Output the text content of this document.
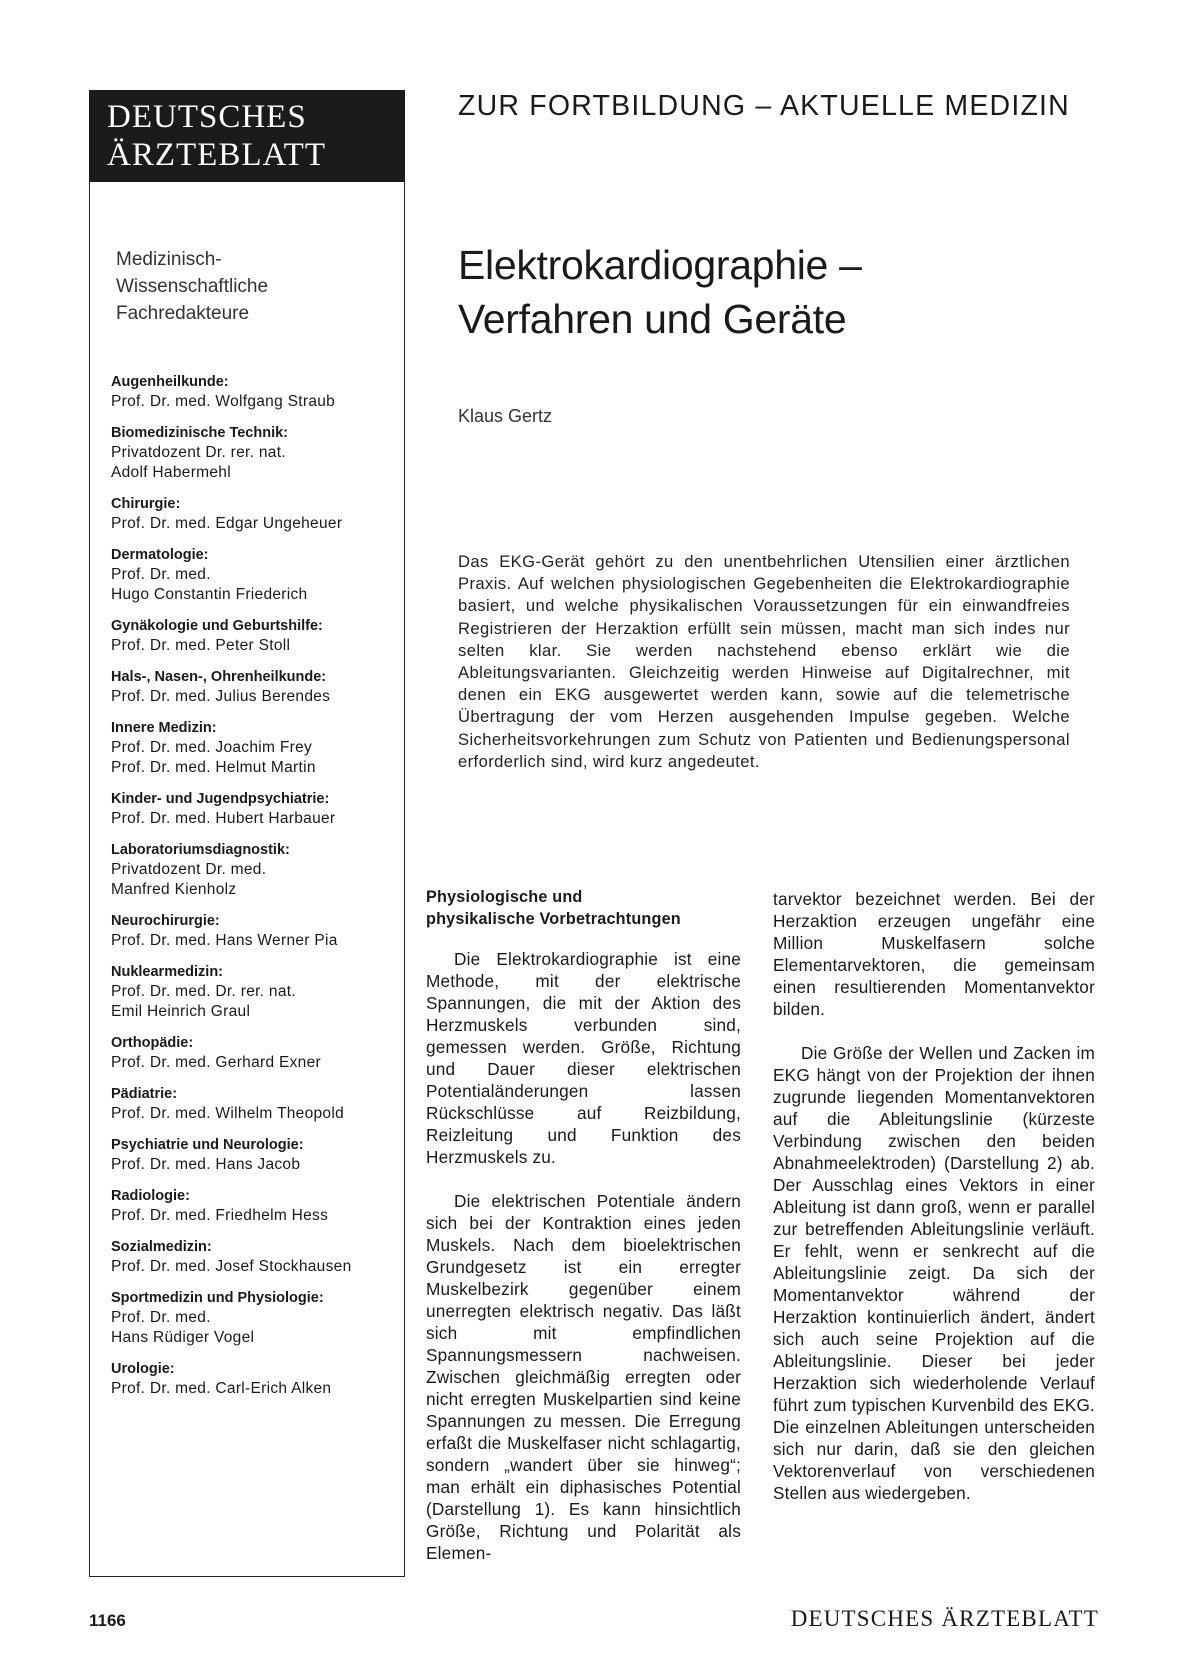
DEUTSCHES
ÄRZTEBLATT
Medizinisch-
Wissenschaftliche
Fachredakteure
Augenheilkunde:
Prof. Dr. med. Wolfgang Straub
Biomedizinische Technik:
Privatdozent Dr. rer. nat.
Adolf Habermehl
Chirurgie:
Prof. Dr. med. Edgar Ungeheuer
Dermatologie:
Prof. Dr. med.
Hugo Constantin Friederich
Gynäkologie und Geburtshilfe:
Prof. Dr. med. Peter Stoll
Hals-, Nasen-, Ohrenheilkunde:
Prof. Dr. med. Julius Berendes
Innere Medizin:
Prof. Dr. med. Joachim Frey
Prof. Dr. med. Helmut Martin
Kinder- und Jugendpsychiatrie:
Prof. Dr. med. Hubert Harbauer
Laboratoriumsdiagnostik:
Privatdozent Dr. med.
Manfred Kienholz
Neurochirurgie:
Prof. Dr. med. Hans Werner Pia
Nuklearmedizin:
Prof. Dr. med. Dr. rer. nat.
Emil Heinrich Graul
Orthopädie:
Prof. Dr. med. Gerhard Exner
Pädiatrie:
Prof. Dr. med. Wilhelm Theopold
Psychiatrie und Neurologie:
Prof. Dr. med. Hans Jacob
Radiologie:
Prof. Dr. med. Friedhelm Hess
Sozialmedizin:
Prof. Dr. med. Josef Stockhausen
Sportmedizin und Physiologie:
Prof. Dr. med.
Hans Rüdiger Vogel
Urologie:
Prof. Dr. med. Carl-Erich Alken
ZUR FORTBILDUNG – AKTUELLE MEDIZIN
Elektrokardiographie –
Verfahren und Geräte
Klaus Gertz
Das EKG-Gerät gehört zu den unentbehrlichen Utensilien einer ärztlichen Praxis. Auf welchen physiologischen Gegebenheiten die Elektrokardiographie basiert, und welche physikalischen Voraussetzungen für ein einwandfreies Registrieren der Herzaktion erfüllt sein müssen, macht man sich indes nur selten klar. Sie werden nachstehend ebenso erklärt wie die Ableitungsvarianten. Gleichzeitig werden Hinweise auf Digitalrechner, mit denen ein EKG ausgewertet werden kann, sowie auf die telemetrische Übertragung der vom Herzen ausgehenden Impulse gegeben. Welche Sicherheitsvorkehrungen zum Schutz von Patienten und Bedienungspersonal erforderlich sind, wird kurz angedeutet.
Physiologische und
physikalische Vorbetrachtungen

Die Elektrokardiographie ist eine Methode, mit der elektrische Spannungen, die mit der Aktion des Herzmuskels verbunden sind, gemessen werden. Größe, Richtung und Dauer dieser elektrischen Potentialänderungen lassen Rückschlüsse auf Reizbildung, Reizleitung und Funktion des Herzmuskels zu.

Die elektrischen Potentiale ändern sich bei der Kontraktion eines jeden Muskels. Nach dem bioelektrischen Grundgesetz ist ein erregter Muskelbezirk gegenüber einem unerregten elektrisch negativ. Das läßt sich mit empfindlichen Spannungsmessern nachweisen. Zwischen gleichmäßig erregten oder nicht erregten Muskelpartien sind keine Spannungen zu messen. Die Erregung erfaßt die Muskelfaser nicht schlagartig, sondern „wandert über sie hinweg“; man erhält ein diphasisches Potential (Darstellung 1). Es kann hinsichtlich Größe, Richtung und Polarität als Elemen-

tarvektor bezeichnet werden. Bei der Herzaktion erzeugen ungefähr eine Million Muskelfasern solche Elementarvektoren, die gemeinsam einen resultierenden Momentanvektor bilden.

Die Größe der Wellen und Zacken im EKG hängt von der Projektion der ihnen zugrunde liegenden Momentanvektoren auf die Ableitungslinie (kürzeste Verbindung zwischen den beiden Abnahmeelektroden) (Darstellung 2) ab. Der Ausschlag eines Vektors in einer Ableitung ist dann groß, wenn er parallel zur betreffenden Ableitungslinie verläuft. Er fehlt, wenn er senkrecht auf die Ableitungslinie zeigt. Da sich der Momentanvektor während der Herzaktion kontinuierlich ändert, ändert sich auch seine Projektion auf die Ableitungslinie. Dieser bei jeder Herzaktion sich wiederholende Verlauf führt zum typischen Kurvenbild des EKG. Die einzelnen Ableitungen unterscheiden sich nur darin, daß sie den gleichen Vektorenverlauf von verschiedenen Stellen aus wiedergeben.

1166	DEUTSCHES ÄRZTEBLATT
